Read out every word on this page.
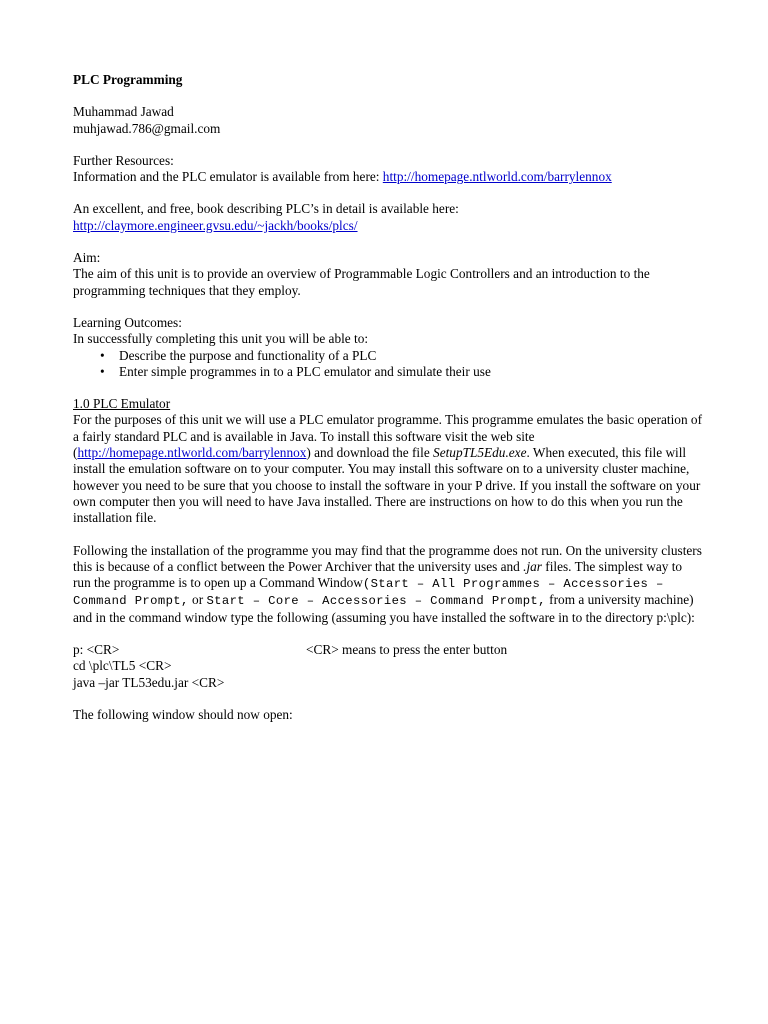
PLC Programming

Muhammad Jawad

muhjawad.786@gmail.com

Further Resources:

Information and the PLC emulator is available from here: http://homepage.ntlworld.com/barrylennox

An excellent, and free, book describing PLC’s in detail is available here:

http://claymore.engineer.gvsu.edu/~jackh/books/plcs/

Aim:

The aim of this unit is to provide an overview of Programmable Logic Controllers and an introduction to the programming techniques that they employ.

Learning Outcomes:

In successfully completing this unit you will be able to:

• Describe the purpose and functionality of a PLC
• Enter simple programmes in to a PLC emulator and simulate their use

1.0 PLC Emulator

For the purposes of this unit we will use a PLC emulator programme. This programme emulates the basic operation of a fairly standard PLC and is available in Java. To install this software visit the web site (http://homepage.ntlworld.com/barrylennox) and download the file SetupTL5Edu.exe. When executed, this file will install the emulation software on to your computer. You may install this software on to a university cluster machine, however you need to be sure that you choose to install the software in your P drive. If you install the software on your own computer then you will need to have Java installed. There are instructions on how to do this when you run the installation file.

Following the installation of the programme you may find that the programme does not run. On the university clusters this is because of a conflict between the Power Archiver that the university uses and .jar files. The simplest way to run the programme is to open up a Command Window(Start – All Programmes – Accessories – Command Prompt, or Start – Core – Accessories – Command Prompt, from a university machine) and in the command window type the following (assuming you have installed the software in to the directory p:\plc):

p: <CR>	<CR> means to press the enter button

cd \plc\TL5 <CR>

java –jar TL53edu.jar <CR>

The following window should now open:
